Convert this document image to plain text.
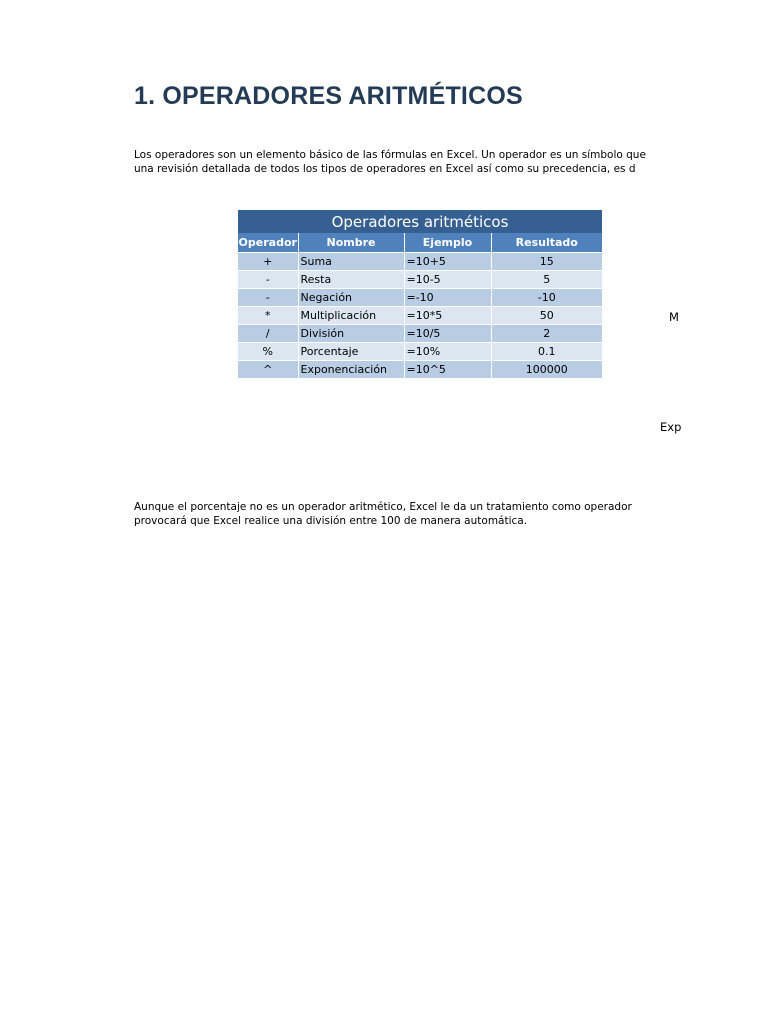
1. OPERADORES ARITMÉTICOS
Los operadores son un elemento básico de las fórmulas en Excel. Un operador es un símbolo que
una revisión detallada de todos los tipos de operadores en Excel así como su precedencia, es d
Operadores aritméticos			
Operador	Nombre	Ejemplo	Resultado
+	Suma	=10+5	15
-	Resta	=10-5	5
-	Negación	=-10	-10
*	Multiplicación	=10*5	50
/	División	=10/5	2
%	Porcentaje	=10%	0.1
^	Exponenciación	=10^5	100000
M
Exp
Aunque el porcentaje no es un operador aritmético, Excel le da un tratamiento como operador
provocará que Excel realice una división entre 100 de manera automática.
